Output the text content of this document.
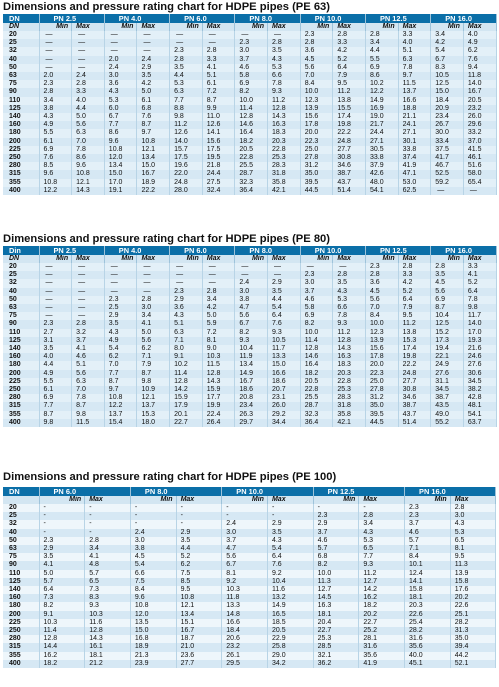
Dimensions and pressure rating chart for HDPE pipes (PE 63)
DN	PN 2.5		PN 4.0		PN 6.0		PN 8.0		PN 10.0		PN 12.5		PN 16.0	
DN	Min	Max	Min	Max	Min	Max	Min	Max	Min	Max	Min	Max	Min	Max
20	—	—	—	—	—	—	—	—	2.3	2.8	2.8	3.3	3.4	4.0
25	—	—	—	—	—	—	2.3	2.8	2.8	3.3	3.4	4.0	4.2	4.9
32	—	—	—	—	2.3	2.8	3.0	3.5	3.6	4.2	4.4	5.1	5.4	6.2
40	—	—	2.0	2.4	2.8	3.3	3.7	4.3	4.5	5.2	5.5	6.3	6.7	7.6
50	—	—	2.4	2.9	3.5	4.1	4.6	5.3	5.6	6.4	6.9	7.8	8.3	9.4
63	2.0	2.4	3.0	3.5	4.4	5.1	5.8	6.6	7.0	7.9	8.6	9.7	10.5	11.8
75	2.3	2.8	3.6	4.2	5.3	6.1	6.9	7.8	8.4	9.5	10.2	11.5	12.5	14.0
90	2.8	3.3	4.3	5.0	6.3	7.2	8.2	9.3	10.0	11.2	12.2	13.7	15.0	16.7
110	3.4	4.0	5.3	6.1	7.7	8.7	10.0	11.2	12.3	13.8	14.9	16.6	18.4	20.5
125	3.8	4.4	6.0	6.8	8.8	9.9	11.4	12.8	13.9	15.5	16.9	18.8	20.9	23.2
140	4.3	5.0	6.7	7.6	9.8	11.0	12.8	14.3	15.6	17.4	19.0	21.1	23.4	26.0
160	4.9	5.6	7.7	8.7	11.2	12.6	14.6	16.3	17.8	19.8	21.7	24.1	26.7	29.6
180	5.5	6.3	8.6	9.7	12.6	14.1	16.4	18.3	20.0	22.2	24.4	27.1	30.0	33.2
200	6.1	7.0	9.6	10.8	14.0	15.6	18.2	20.3	22.3	24.8	27.1	30.1	33.4	37.0
225	6.9	7.8	10.8	12.1	15.7	17.5	20.5	22.8	25.0	27.7	30.5	33.8	37.5	41.5
250	7.6	8.6	12.0	13.4	17.5	19.5	22.8	25.3	27.8	30.8	33.8	37.4	41.7	46.1
280	8.5	9.6	13.4	15.0	19.6	21.8	25.5	28.3	31.2	34.6	37.9	41.9	46.7	51.6
315	9.6	10.8	15.0	16.7	22.0	24.4	28.7	31.8	35.0	38.7	42.6	47.1	52.5	58.0
355	10.8	12.1	17.0	18.9	24.8	27.5	32.3	35.8	39.5	43.7	48.0	53.0	59.2	65.4
400	12.2	14.3	19.1	22.2	28.0	32.4	36.4	42.1	44.5	51.4	54.1	62.5	—	—
Dimensions and pressure rating chart for HDPE pipes (PE 80)
Din	PN 2.5		PN 4.0		PN 6.0		PN 8.0		PN 10.0		PN 12.5		PN 16.0	
DN	Min	Max	Min	Max	Min	Max	Min	Max	Min	Max	Min	Max	Min	Max
20	—	—	—	—	—	—	—	—	—	—	2.3	2.8	2.8	3.3
25	—	—	—	—	—	—	—	—	2.3	2.8	2.8	3.3	3.5	4.1
32	—	—	—	—	—	—	2.4	2.9	3.0	3.5	3.6	4.2	4.5	5.2
40	—	—	—	—	2.3	2.8	3.0	3.5	3.7	4.3	4.5	5.2	5.6	6.4
50	—	—	2.3	2.8	2.9	3.4	3.8	4.4	4.6	5.3	5.6	6.4	6.9	7.8
63	—	—	2.5	3.0	3.6	4.2	4.7	5.4	5.8	6.6	7.0	7.9	8.7	9.8
75	—	—	2.9	3.4	4.3	5.0	5.6	6.4	6.9	7.8	8.4	9.5	10.4	11.7
90	2.3	2.8	3.5	4.1	5.1	5.9	6.7	7.6	8.2	9.3	10.0	11.2	12.5	14.0
110	2.7	3.2	4.3	5.0	6.3	7.2	8.2	9.3	10.0	11.2	12.3	13.8	15.2	17.0
125	3.1	3.7	4.9	5.6	7.1	8.1	9.3	10.5	11.4	12.8	13.9	15.3	17.3	19.3
140	3.5	4.1	5.4	6.2	8.0	9.0	10.4	11.7	12.8	14.3	15.6	17.4	19.4	21.6
160	4.0	4.6	6.2	7.1	9.1	10.3	11.9	13.3	14.6	16.3	17.8	19.8	22.1	24.6
180	4.4	5.1	7.0	7.9	10.2	11.5	13.4	15.0	16.4	18.3	20.0	22.2	24.9	27.6
200	4.9	5.6	7.7	8.7	11.4	12.8	14.9	16.6	18.2	20.3	22.3	24.8	27.6	30.6
225	5.5	6.3	8.7	9.8	12.8	14.3	16.7	18.6	20.5	22.8	25.0	27.7	31.1	34.5
250	6.1	7.0	9.7	10.9	14.2	15.9	18.6	20.7	22.8	25.3	27.8	30.8	34.5	38.2
280	6.9	7.8	10.8	12.1	15.9	17.7	20.8	23.1	25.5	28.3	31.2	34.6	38.7	42.8
315	7.7	8.7	12.2	13.7	17.9	19.9	23.4	26.0	28.7	31.8	35.0	38.7	43.5	48.1
355	8.7	9.8	13.7	15.3	20.1	22.4	26.3	29.2	32.3	35.8	39.5	43.7	49.0	54.1
400	9.8	11.5	15.4	18.0	22.7	26.4	29.7	34.4	36.4	42.1	44.5	51.4	55.2	63.7
Dimensions and pressure rating chart for HDPE pipes (PE 100)
DN	PN 6.0		PN 8.0		PN 10.0		PN 12.5		PN 16.0	
	Min	Max	Min	Max	Min	Max	Min	Max	Min	Max
20	-	-	-	-	-	-	-	-	2.3	2.8
25	-	-	-	-	-	-	2.3	2.8	2.3	3.0
32	-	-	-	-	2.4	2.9	2.9	3.4	3.7	4.3
40	-	-	2.4	2.9	3.0	3.5	3.7	4.3	4.6	5.3
50	2.3	2.8	3.0	3.5	3.7	4.3	4.6	5.3	5.7	6.5
63	2.9	3.4	3.8	4.4	4.7	5.4	5.7	6.5	7.1	8.1
75	3.5	4.1	4.5	5.2	5.6	6.4	6.8	7.7	8.4	9.5
90	4.1	4.8	5.4	6.2	6.7	7.6	8.2	9.3	10.1	11.3
110	5.0	5.7	6.6	7.5	8.1	9.2	10.0	11.2	12.4	13.9
125	5.7	6.5	7.5	8.5	9.2	10.4	11.3	12.7	14.1	15.8
140	6.4	7.3	8.4	9.5	10.3	11.6	12.7	14.2	15.8	17.6
160	7.3	8.3	9.6	10.8	11.8	13.2	14.5	16.2	18.1	20.2
180	8.2	9.3	10.8	12.1	13.3	14.9	16.3	18.2	20.3	22.6
200	9.1	10.3	12.0	13.4	14.8	16.5	18.1	20.2	22.6	25.1
225	10.3	11.6	13.5	15.1	16.6	18.5	20.4	22.7	25.4	28.2
250	11.4	12.8	15.0	16.7	18.4	20.5	22.7	25.2	28.2	31.3
280	12.8	14.3	16.8	18.7	20.6	22.9	25.3	28.1	31.6	35.0
315	14.4	16.1	18.9	21.0	23.2	25.8	28.5	31.6	35.6	39.4
355	16.2	18.1	21.3	23.6	26.1	29.0	32.1	35.6	40.0	44.2
400	18.2	21.2	23.9	27.7	29.5	34.2	36.2	41.9	45.1	52.1
